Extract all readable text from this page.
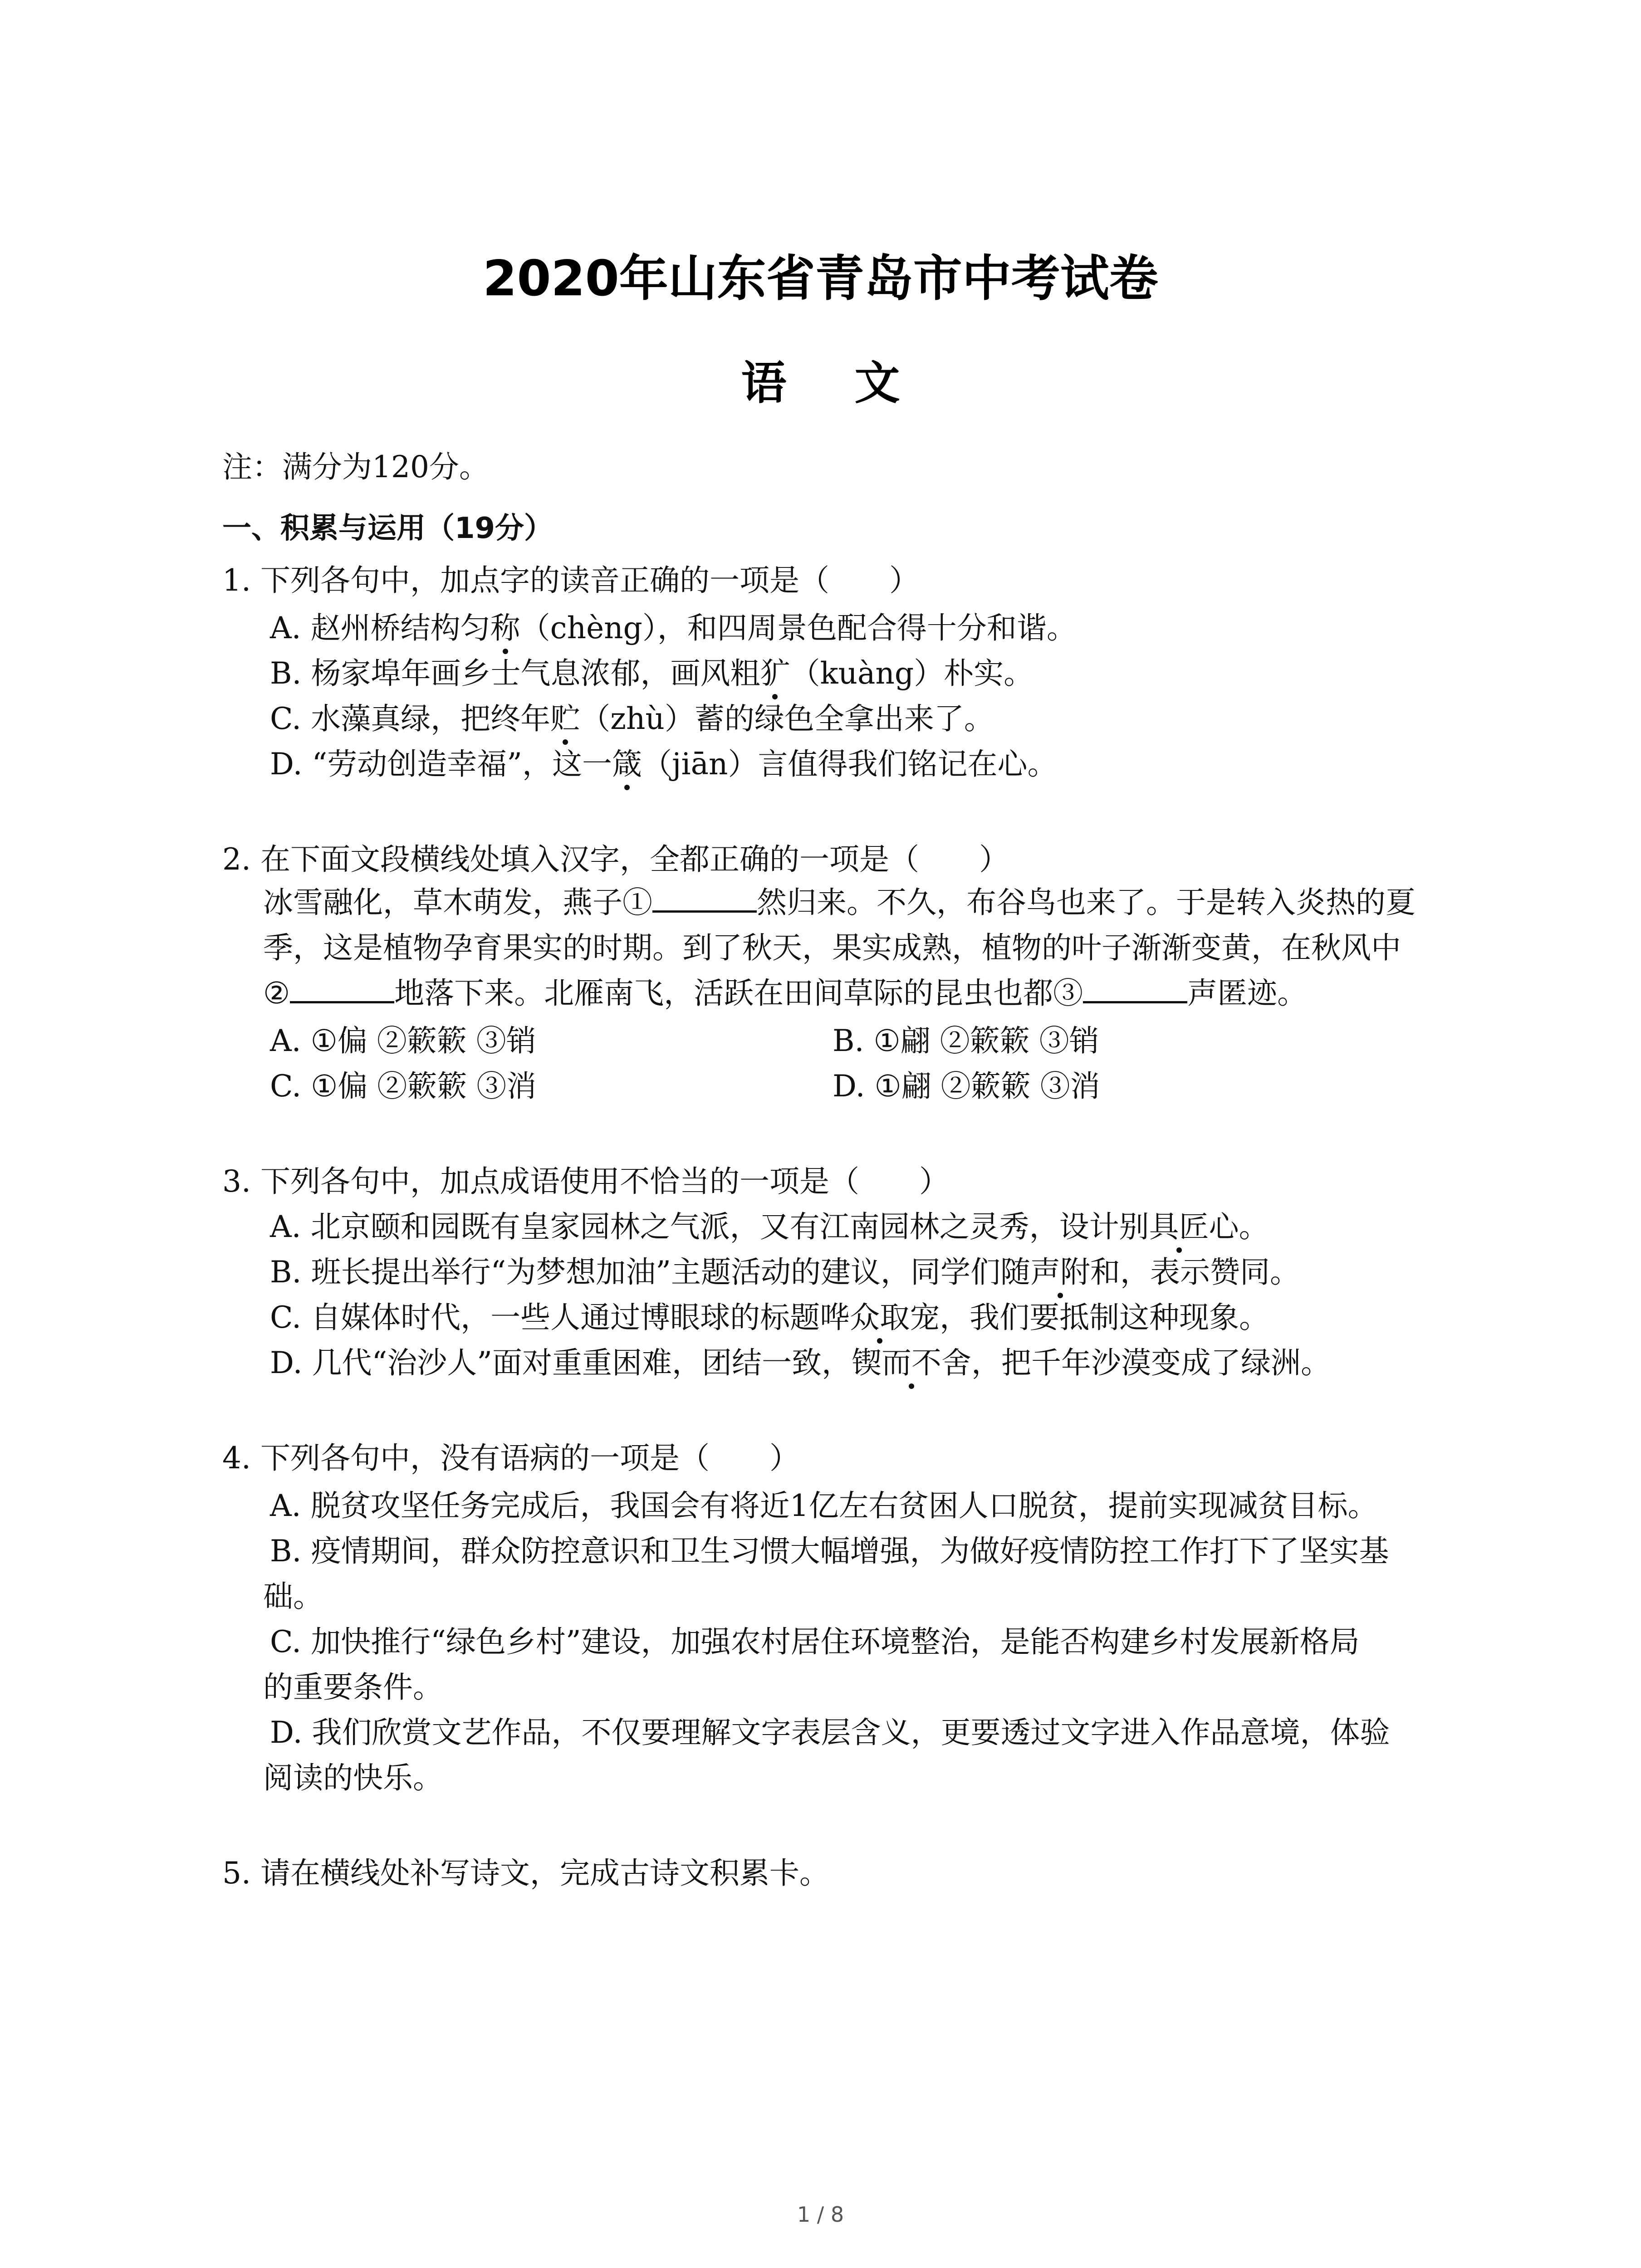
2020年山东省青岛市中考试卷
语 文
注：满分为120分。
一、积累与运用（19分）
1. 下列各句中，加点字的读音正确的一项是（　　）
A. 赵州桥结构匀称（chèng），和四周景色配合得十分和谐。
B. 杨家埠年画乡士气息浓郁，画风粗犷（kuàng）朴实。
C. 水藻真绿，把终年贮（zhù）蓄的绿色全拿出来了。
D. “劳动创造幸福”，这一箴（jiān）言值得我们铭记在心。
2. 在下面文段横线处填入汉字，全都正确的一项是（　　）
冰雪融化，草木萌发，燕子①	然归来。不久，布谷鸟也来了。于是转入炎热的夏
季，这是植物孕育果实的时期。到了秋天，果实成熟，植物的叶子渐渐变黄，在秋风中
②	地落下来。北雁南飞，活跃在田间草际的昆虫也都③	声匿迹。
A. ①偏 ②簌簌 ③销	B. ①翩 ②簌簌 ③销
C. ①偏 ②簌簌 ③消	D. ①翩 ②簌簌 ③消
3. 下列各句中，加点成语使用不恰当的一项是（　　）
A. 北京颐和园既有皇家园林之气派，又有江南园林之灵秀，设计别具匠心。
B. 班长提出举行“为梦想加油”主题活动的建议，同学们随声附和，表示赞同。
C. 自媒体时代，一些人通过博眼球的标题哗众取宠，我们要抵制这种现象。
D. 几代“治沙人”面对重重困难，团结一致，锲而不舍，把千年沙漠变成了绿洲。
4. 下列各句中，没有语病的一项是（　　）
A. 脱贫攻坚任务完成后，我国会有将近1亿左右贫困人口脱贫，提前实现减贫目标。
B. 疫情期间，群众防控意识和卫生习惯大幅增强，为做好疫情防控工作打下了坚实基
础。
C. 加快推行“绿色乡村”建设，加强农村居住环境整治，是能否构建乡村发展新格局
的重要条件。
D. 我们欣赏文艺作品，不仅要理解文字表层含义，更要透过文字进入作品意境，体验
阅读的快乐。
5. 请在横线处补写诗文，完成古诗文积累卡。
1 / 8
